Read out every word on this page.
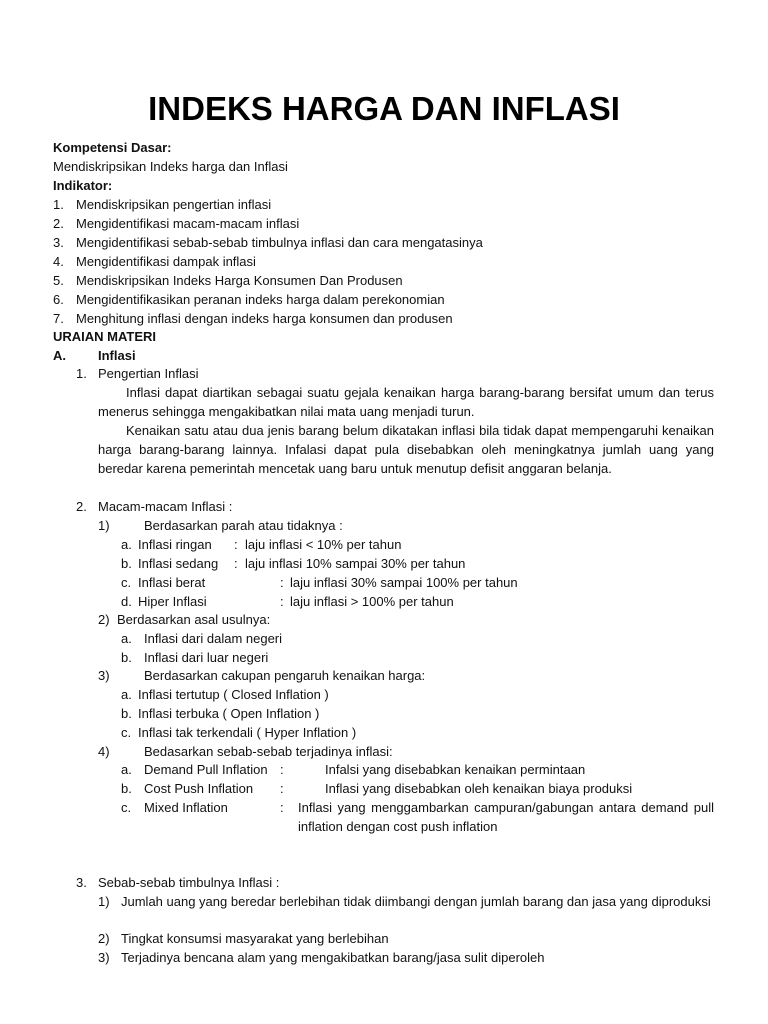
INDEKS HARGA DAN INFLASI
Kompetensi Dasar:
Mendiskripsikan Indeks harga dan Inflasi
Indikator:
1. Mendiskripsikan pengertian inflasi
2. Mengidentifikasi macam-macam inflasi
3. Mengidentifikasi sebab-sebab timbulnya inflasi dan cara mengatasinya
4. Mengidentifikasi dampak inflasi
5. Mendiskripsikan Indeks Harga Konsumen Dan Produsen
6. Mengidentifikasikan peranan indeks harga dalam perekonomian
7. Menghitung inflasi dengan indeks harga konsumen dan produsen
URAIAN MATERI
A. Inflasi
1. Pengertian Inflasi
Inflasi dapat diartikan sebagai suatu gejala kenaikan harga barang-barang bersifat umum dan terus menerus sehingga mengakibatkan nilai mata uang menjadi turun.
Kenaikan satu atau dua jenis barang belum dikatakan inflasi bila tidak dapat mempengaruhi kenaikan harga barang-barang lainnya. Infalasi dapat pula disebabkan oleh meningkatnya jumlah uang yang beredar karena pemerintah mencetak uang baru untuk menutup defisit anggaran belanja.
2. Macam-macam Inflasi :
1)	Berdasarkan parah atau tidaknya :
a. Inflasi ringan : laju inflasi < 10% per tahun
b. Inflasi sedang : laju inflasi 10% sampai 30% per tahun
c. Inflasi berat	: laju inflasi 30% sampai 100% per tahun
d. Hiper Inflasi	: laju inflasi > 100% per tahun
2) Berdasarkan asal usulnya:
a. Inflasi dari dalam negeri
b. Inflasi dari luar negeri
3)	Berdasarkan cakupan pengaruh kenaikan harga:
a. Inflasi tertutup ( Closed Inflation )
b. Inflasi terbuka ( Open Inflation )
c. Inflasi tak terkendali ( Hyper Inflation )
4)	Bedasarkan sebab-sebab terjadinya inflasi:
a. Demand Pull Inflation :	Infalsi yang disebabkan kenaikan permintaan
b. Cost Push Inflation :	Inflasi yang disebabkan oleh kenaikan biaya produksi
c. Mixed Inflation	: Inflasi yang menggambarkan campuran/gabungan antara demand pull inflation dengan cost push inflation
3. Sebab-sebab timbulnya Inflasi :
1) Jumlah uang yang beredar berlebihan tidak diimbangi dengan jumlah barang dan jasa yang diproduksi
2) Tingkat konsumsi masyarakat yang berlebihan
3) Terjadinya bencana alam yang mengakibatkan barang/jasa sulit diperoleh
